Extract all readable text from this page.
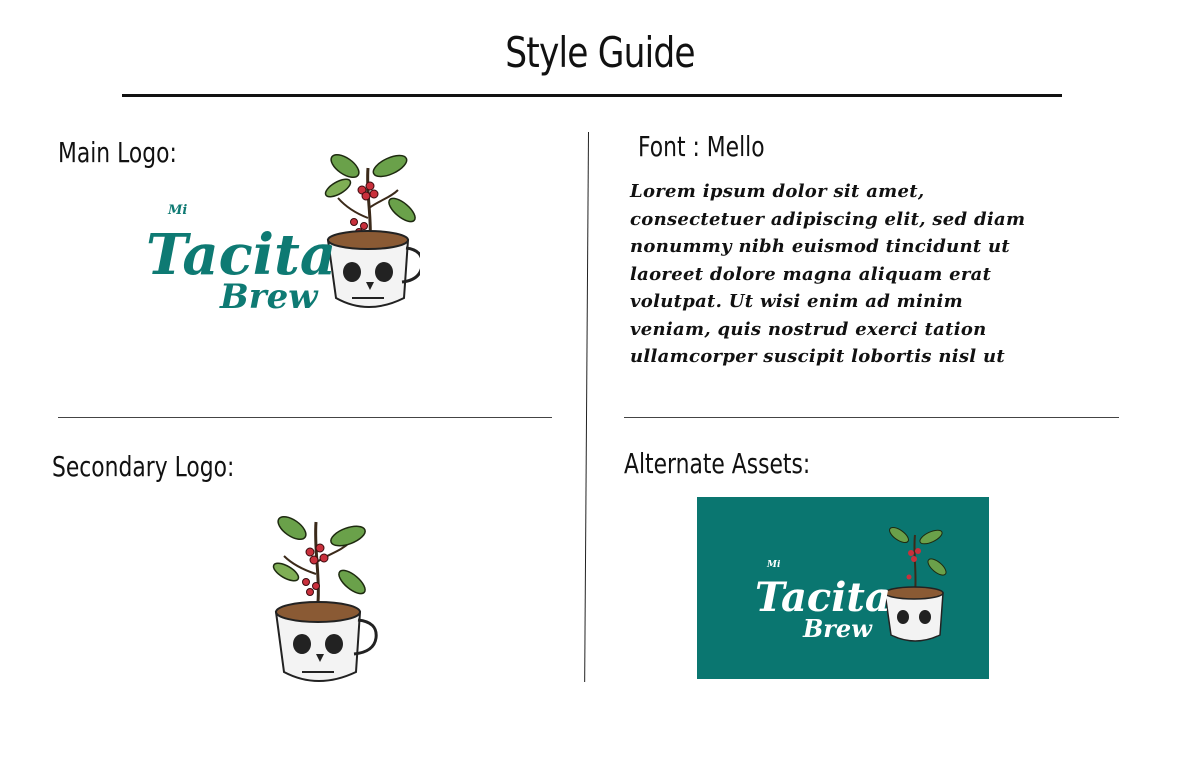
Style Guide
Main Logo:	Font : Mello
Secondary Logo:	Alternate Assets:
Lorem ipsum dolor sit amet,
consectetuer adipiscing elit, sed diam
nonummy nibh euismod tincidunt ut
laoreet dolore magna aliquam erat
volutpat. Ut wisi enim ad minim
veniam, quis nostrud exerci tation
ullamcorper suscipit lobortis nisl ut
Mi
Tacita
Brew
Mi
Tacita
Brew
